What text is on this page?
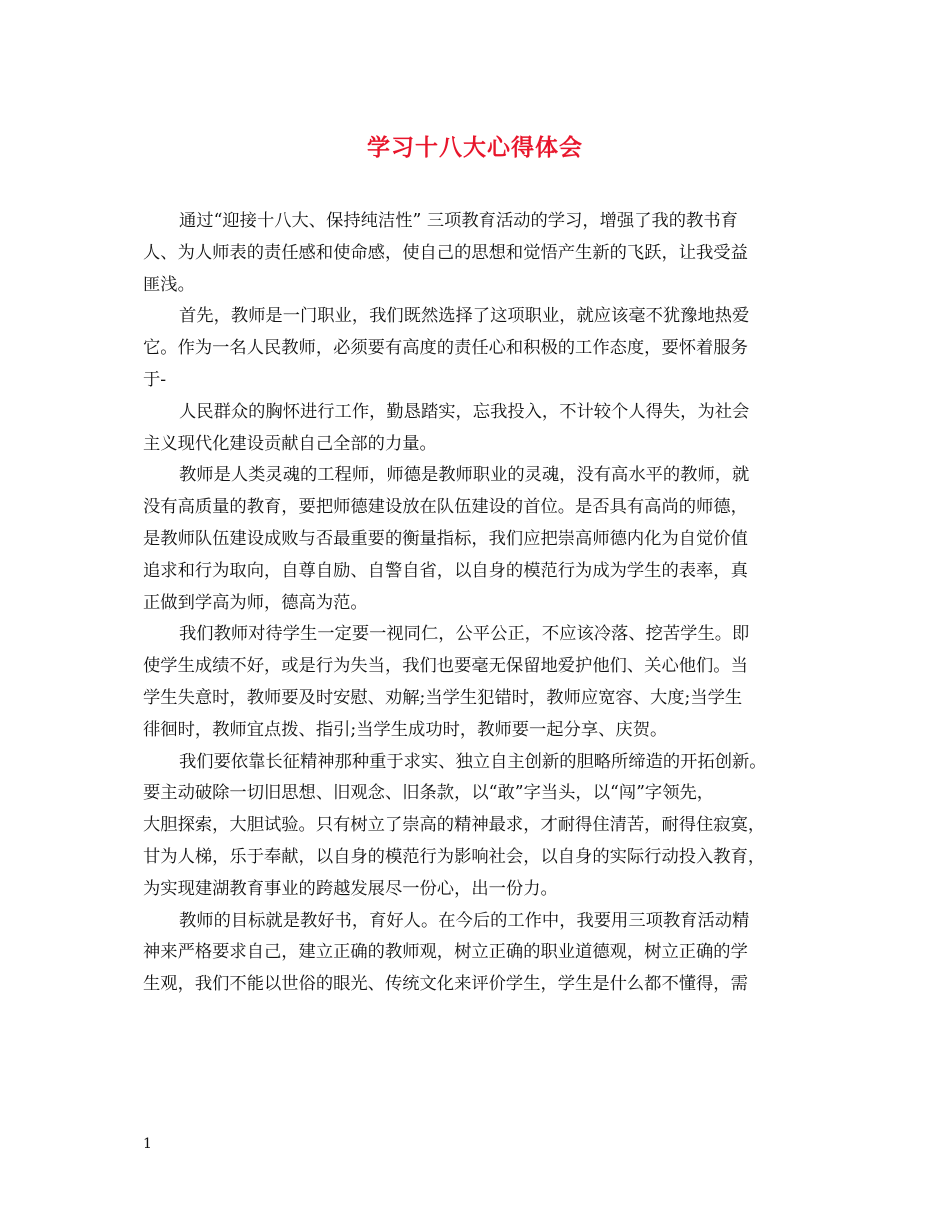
学习十八大心得体会
通过“迎接十八大、保持纯洁性” 三项教育活动的学习，增强了我的教书育
人、为人师表的责任感和使命感，使自己的思想和觉悟产生新的飞跃，让我受益
匪浅。
首先，教师是一门职业，我们既然选择了这项职业，就应该毫不犹豫地热爱
它。作为一名人民教师，必须要有高度的责任心和积极的工作态度，要怀着服务
于-
人民群众的胸怀进行工作，勤恳踏实，忘我投入，不计较个人得失，为社会
主义现代化建设贡献自己全部的力量。
教师是人类灵魂的工程师，师德是教师职业的灵魂，没有高水平的教师，就
没有高质量的教育，要把师德建设放在队伍建设的首位。是否具有高尚的师德，
是教师队伍建设成败与否最重要的衡量指标，我们应把崇高师德内化为自觉价值
追求和行为取向，自尊自励、自警自省，以自身的模范行为成为学生的表率，真
正做到学高为师，德高为范。
我们教师对待学生一定要一视同仁，公平公正，不应该冷落、挖苦学生。即
使学生成绩不好，或是行为失当，我们也要毫无保留地爱护他们、关心他们。当
学生失意时，教师要及时安慰、劝解;当学生犯错时，教师应宽容、大度;当学生
徘徊时，教师宜点拨、指引;当学生成功时，教师要一起分享、庆贺。
我们要依靠长征精神那种重于求实、独立自主创新的胆略所缔造的开拓创新。
要主动破除一切旧思想、旧观念、旧条款，以“敢”字当头，以“闯”字领先，
大胆探索，大胆试验。只有树立了崇高的精神最求，才耐得住清苦，耐得住寂寞，
甘为人梯，乐于奉献，以自身的模范行为影响社会，以自身的实际行动投入教育，
为实现建湖教育事业的跨越发展尽一份心，出一份力。
教师的目标就是教好书，育好人。在今后的工作中，我要用三项教育活动精
神来严格要求自己，建立正确的教师观，树立正确的职业道德观，树立正确的学
生观，我们不能以世俗的眼光、传统文化来评价学生，学生是什么都不懂得，需
1
